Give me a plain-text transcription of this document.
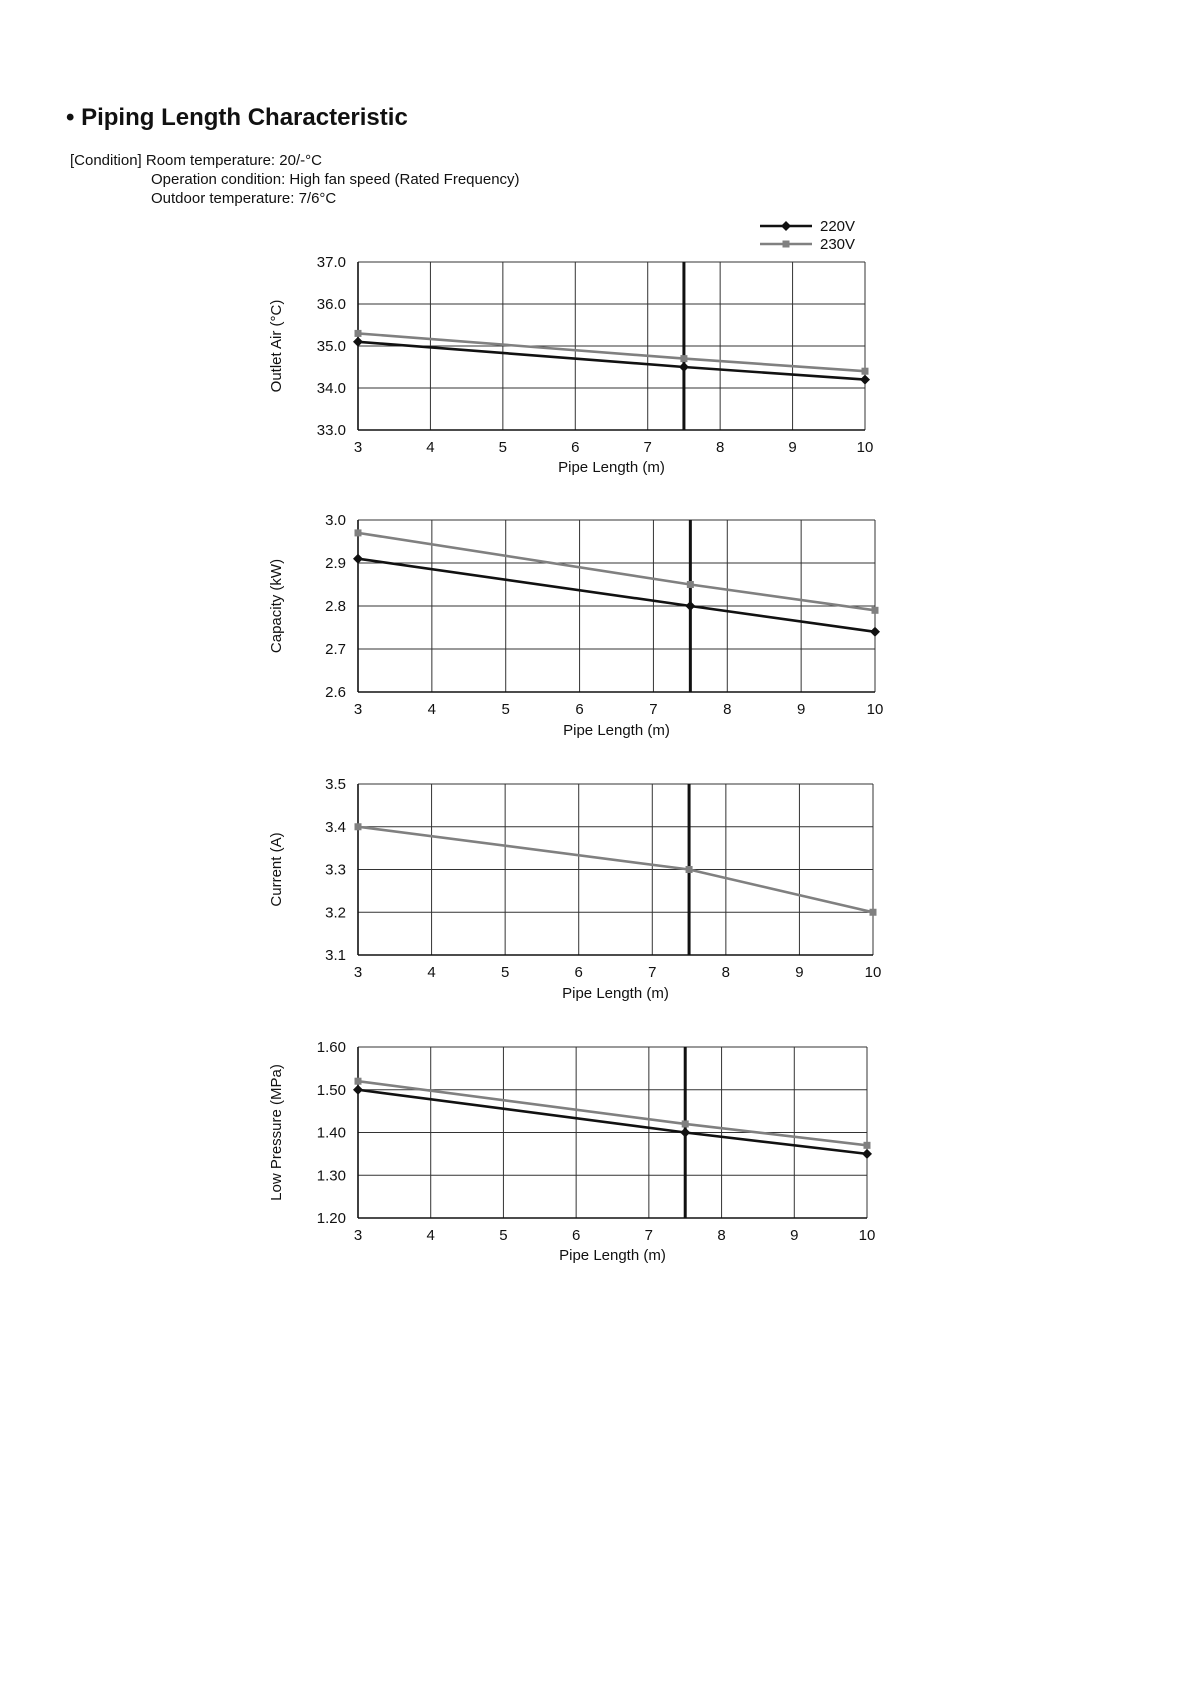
• Piping Length Characteristic
[Condition] Room temperature: 20/-°C
Operation condition: High fan speed (Rated Frequency)
Outdoor temperature: 7/6°C
220V
230V
3	4	5	6	7	8	9	10
33.0
34.0
35.0
36.0
37.0
Pipe Length (m)
Outlet Air (°C)
3	4	5	6	7	8	9	10
2.6
2.7
2.8
2.9
3.0
Pipe Length (m)
Capacity (kW)
3	4	5	6	7	8	9	10
3.1
3.2
3.3
3.4
3.5
Pipe Length (m)
Current (A)
3	4	5	6	7	8	9	10
1.20
1.30
1.40
1.50
1.60
Pipe Length (m)
Low Pressure (MPa)
